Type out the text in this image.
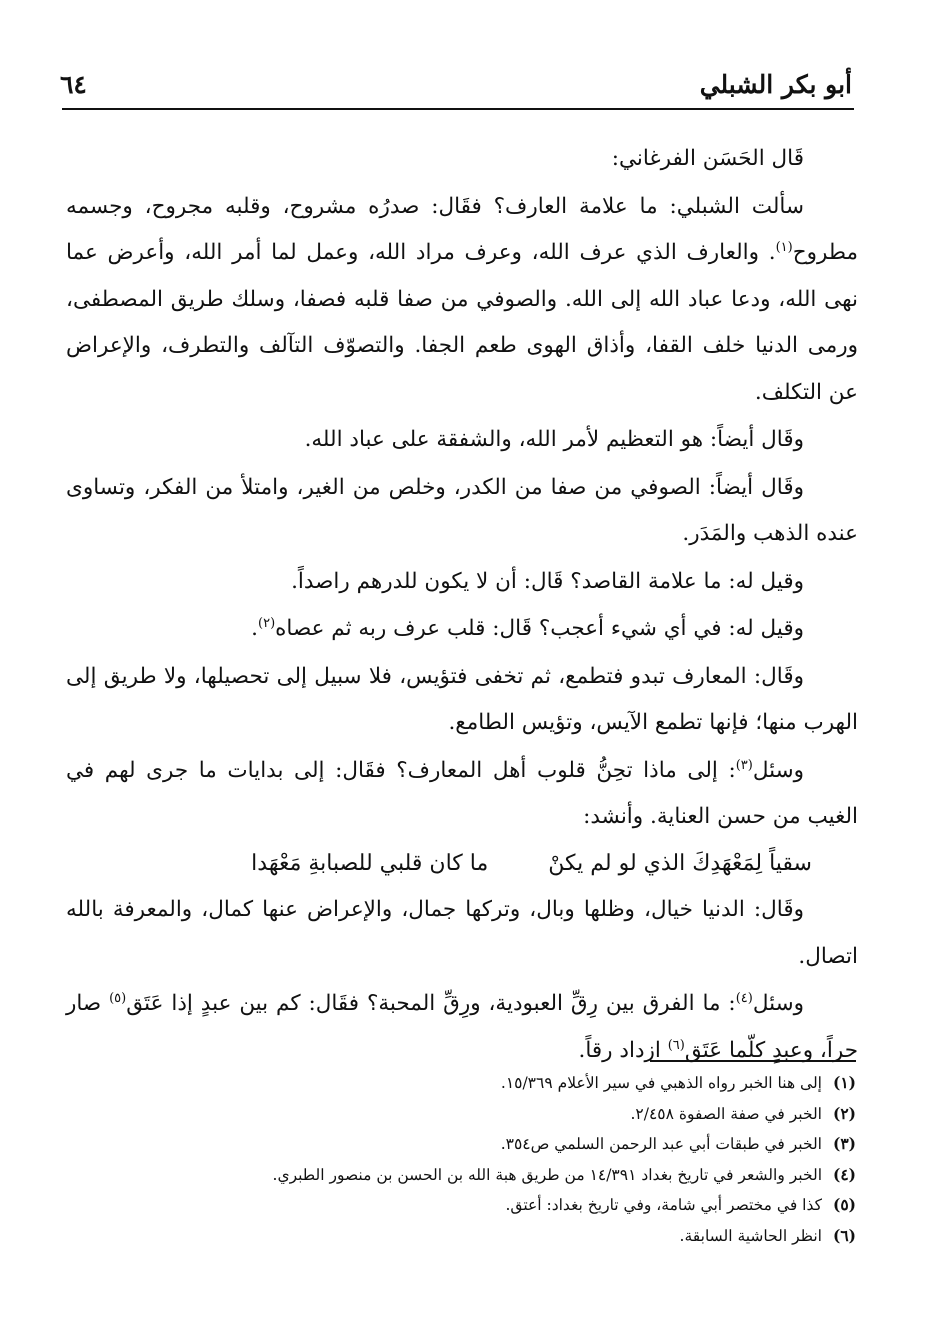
أبو بكر الشبلي
٦٤

قَال الحَسَن الفرغاني:

سألت الشبلي: ما علامة العارف؟ فقَال: صدرُه مشروح، وقلبه مجروح، وجسمه مطروح$^{(١)}$. والعارف الذي عرف الله، وعرف مراد الله، وعمل لما أمر الله، وأعرض عما نهى الله، ودعا عباد الله إلى الله. والصوفي من صفا قلبه فصفا، وسلك طريق المصطفى، ورمى الدنيا خلف القفا، وأذاق الهوى طعم الجفا. والتصوّف التآلف والتطرف، والإعراض عن التكلف.

وقَال أيضاً: هو التعظيم لأمر الله، والشفقة على عباد الله.

وقَال أيضاً: الصوفي من صفا من الكدر، وخلص من الغير، وامتلأ من الفكر، وتساوى عنده الذهب والمَدَر.

وقيل له: ما علامة القاصد؟ قَال: أن لا يكون للدرهم راصداً.

وقيل له: في أي شيء أعجب؟ قَال: قلب عرف ربه ثم عصاه$^{(٢)}$.

وقَال: المعارف تبدو فتطمع، ثم تخفى فتؤيس، فلا سبيل إلى تحصيلها، ولا طريق إلى الهرب منها؛ فإنها تطمع الآيس، وتؤيس الطامع.

وسئل$^{(٣)}$: إلى ماذا تحِنُّ قلوب أهل المعارف؟ فقَال: إلى بدايات ما جرى لهم في الغيب من حسن العناية. وأنشد:

سقياً لِمَعْهَدِكَ الذي لو لم يكنْ
ما كان قلبي للصبابةِ مَعْهَدا

وقَال: الدنيا خيال، وظلها وبال، وتركها جمال، والإعراض عنها كمال، والمعرفة بالله اتصال.

وسئل$^{(٤)}$: ما الفرق بين رِقِّ العبودية، ورِقِّ المحبة؟ فقَال: كم بين عبدٍ إذا عَتَق$^{(٥)}$ صار حراً، وعبدٍ كلّما عَتَق$^{(٦)}$ ازداد رقاً.

(١)
إلى هنا الخبر رواه الذهبي في سير الأعلام ١٥/٣٦٩.
(٢)
الخبر في صفة الصفوة ٢/٤٥٨.
(٣)
الخبر في طبقات أبي عبد الرحمن السلمي ص٣٥٤.
(٤)
الخبر والشعر في تاريخ بغداد ١٤/٣٩١ من طريق هبة الله بن الحسن بن منصور الطبري.
(٥)
كذا في مختصر أبي شامة، وفي تاريخ بغداد: أعتق.
(٦)
انظر الحاشية السابقة.
